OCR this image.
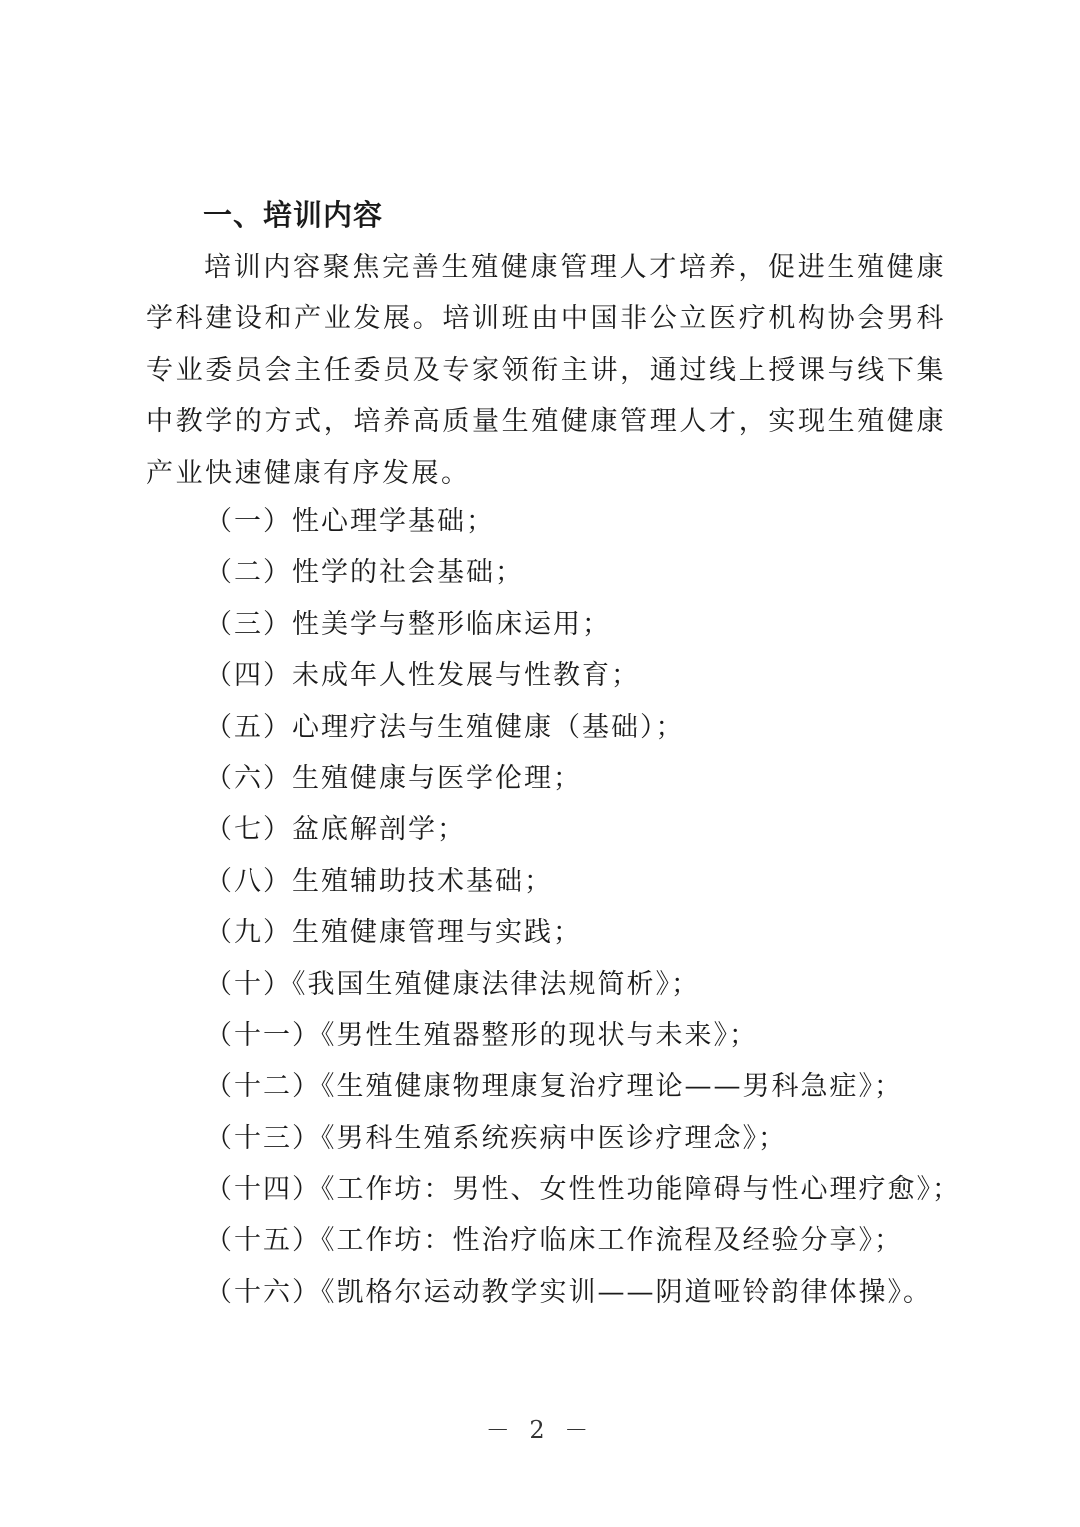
一、培训内容

培训内容聚焦完善生殖健康管理人才培养，促进生殖健康学科建设和产业发展。培训班由中国非公立医疗机构协会男科专业委员会主任委员及专家领衔主讲，通过线上授课与线下集中教学的方式，培养高质量生殖健康管理人才，实现生殖健康产业快速健康有序发展。

（一）性心理学基础；
（二）性学的社会基础；
（三）性美学与整形临床运用；
（四）未成年人性发展与性教育；
（五）心理疗法与生殖健康（基础）；
（六）生殖健康与医学伦理；
（七）盆底解剖学；
（八）生殖辅助技术基础；
（九）生殖健康管理与实践；
（十）《我国生殖健康法律法规简析》；
（十一）《男性生殖器整形的现状与未来》；
（十二）《生殖健康物理康复治疗理论——男科急症》；
（十三）《男科生殖系统疾病中医诊疗理念》；
（十四）《工作坊：男性、女性性功能障碍与性心理疗愈》；
（十五）《工作坊：性治疗临床工作流程及经验分享》；
（十六）《凯格尔运动教学实训——阴道哑铃韵律体操》。
－ 2 －
